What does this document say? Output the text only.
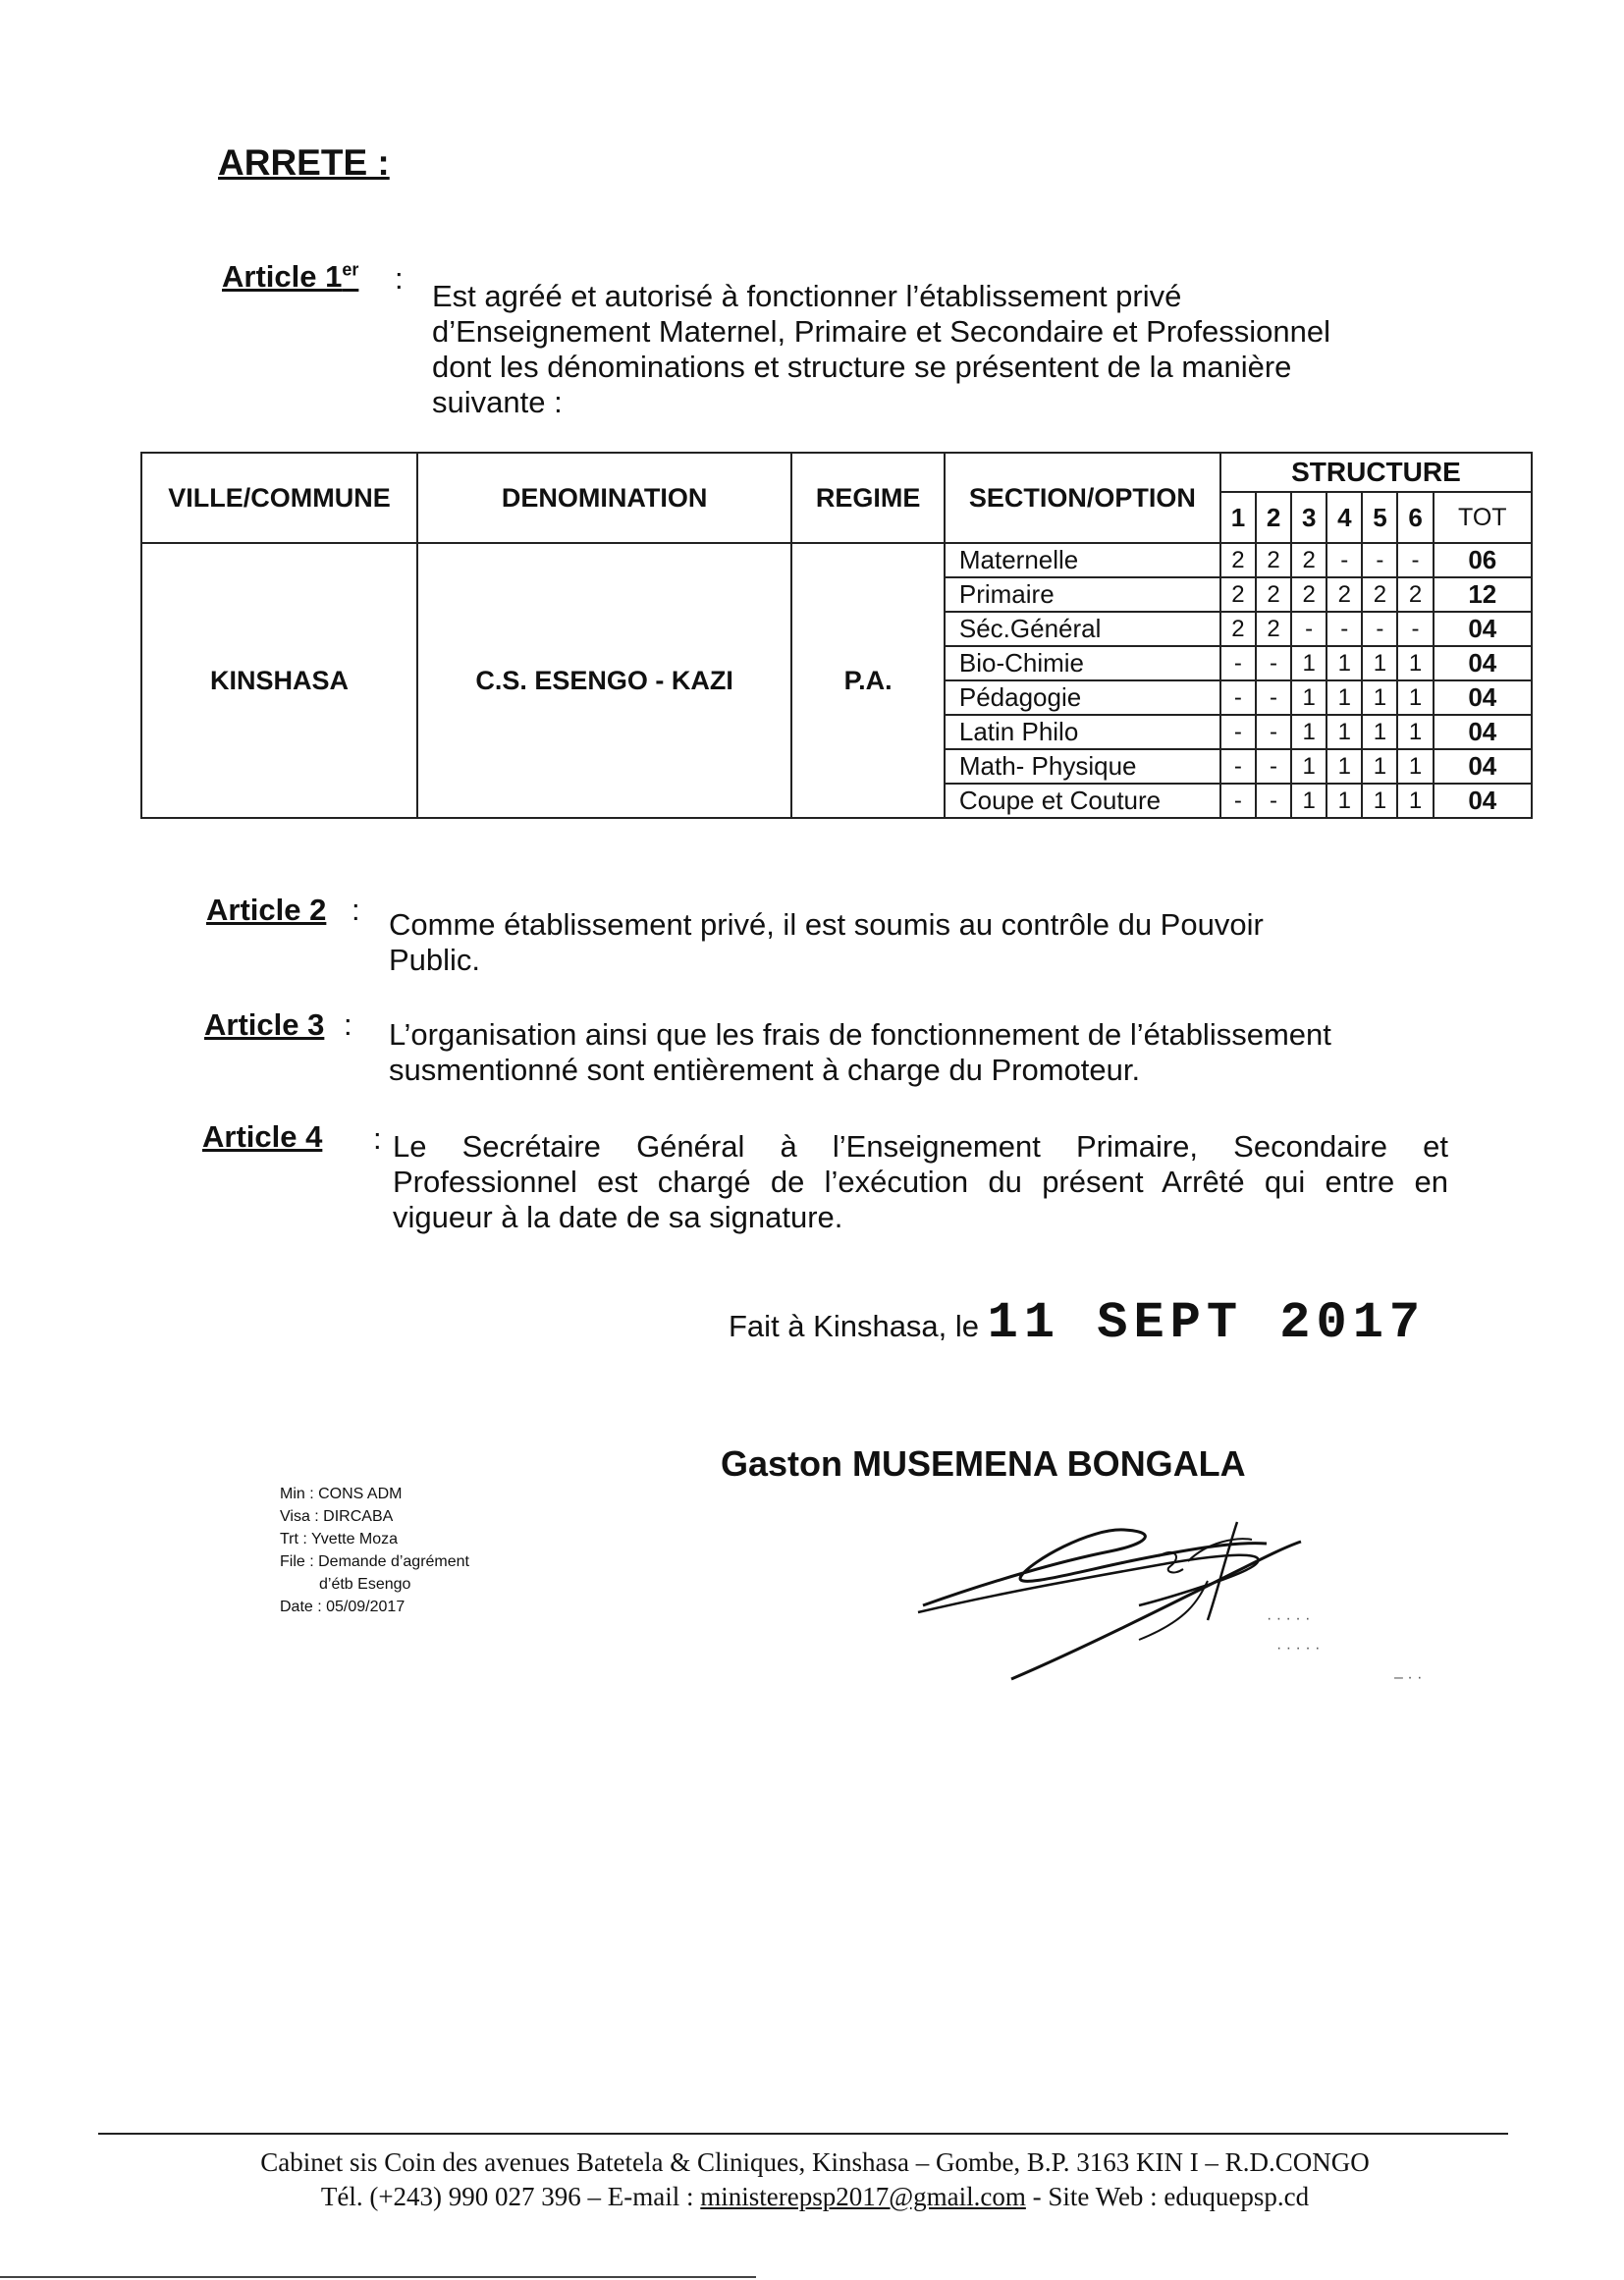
ARRETE :
Article 1er :
Est agréé et autorisé à fonctionner l’établissement privé
d’Enseignement Maternel, Primaire et Secondaire et Professionnel
dont les dénominations et structure se présentent de la manière
suivante :
VILLE/COMMUNE	DENOMINATION	REGIME	SECTION/OPTION	STRUCTURE						
				1	2	3	4	5	6	TOT
KINSHASA	C.S. ESENGO - KAZI	P.A.	Maternelle	2	2	2	-	-	-	06
			Primaire	2	2	2	2	2	2	12
			Séc.Général	2	2	-	-	-	-	04
			Bio-Chimie	-	-	1	1	1	1	04
			Pédagogie	-	-	1	1	1	1	04
			Latin Philo	-	-	1	1	1	1	04
			Math- Physique	-	-	1	1	1	1	04
			Coupe et Couture	-	-	1	1	1	1	04
Article 2 : Comme établissement privé, il est soumis au contrôle du Pouvoir
Public.
Article 3 : L’organisation ainsi que les frais de fonctionnement de l’établissement
susmentionné sont entièrement à charge du Promoteur.
Article 4 : Le Secrétaire Général à l’Enseignement Primaire, Secondaire et
Professionnel est chargé de l’exécution du présent Arrêté qui entre en
vigueur à la date de sa signature.
Fait à Kinshasa, le 11 SEPT 2017
Gaston MUSEMENA BONGALA
Min : CONS ADM
Visa : DIRCABA
Trt : Yvette Moza
File : Demande d’agrément
d’étb Esengo
Date : 05/09/2017
· · · · ·
· · · · ·
– · ·
Cabinet sis Coin des avenues Batetela & Cliniques, Kinshasa – Gombe, B.P. 3163 KIN I – R.D.CONGO
Tél. (+243) 990 027 396 – E-mail : ministerepsp2017@gmail.com - Site Web : eduquepsp.cd
